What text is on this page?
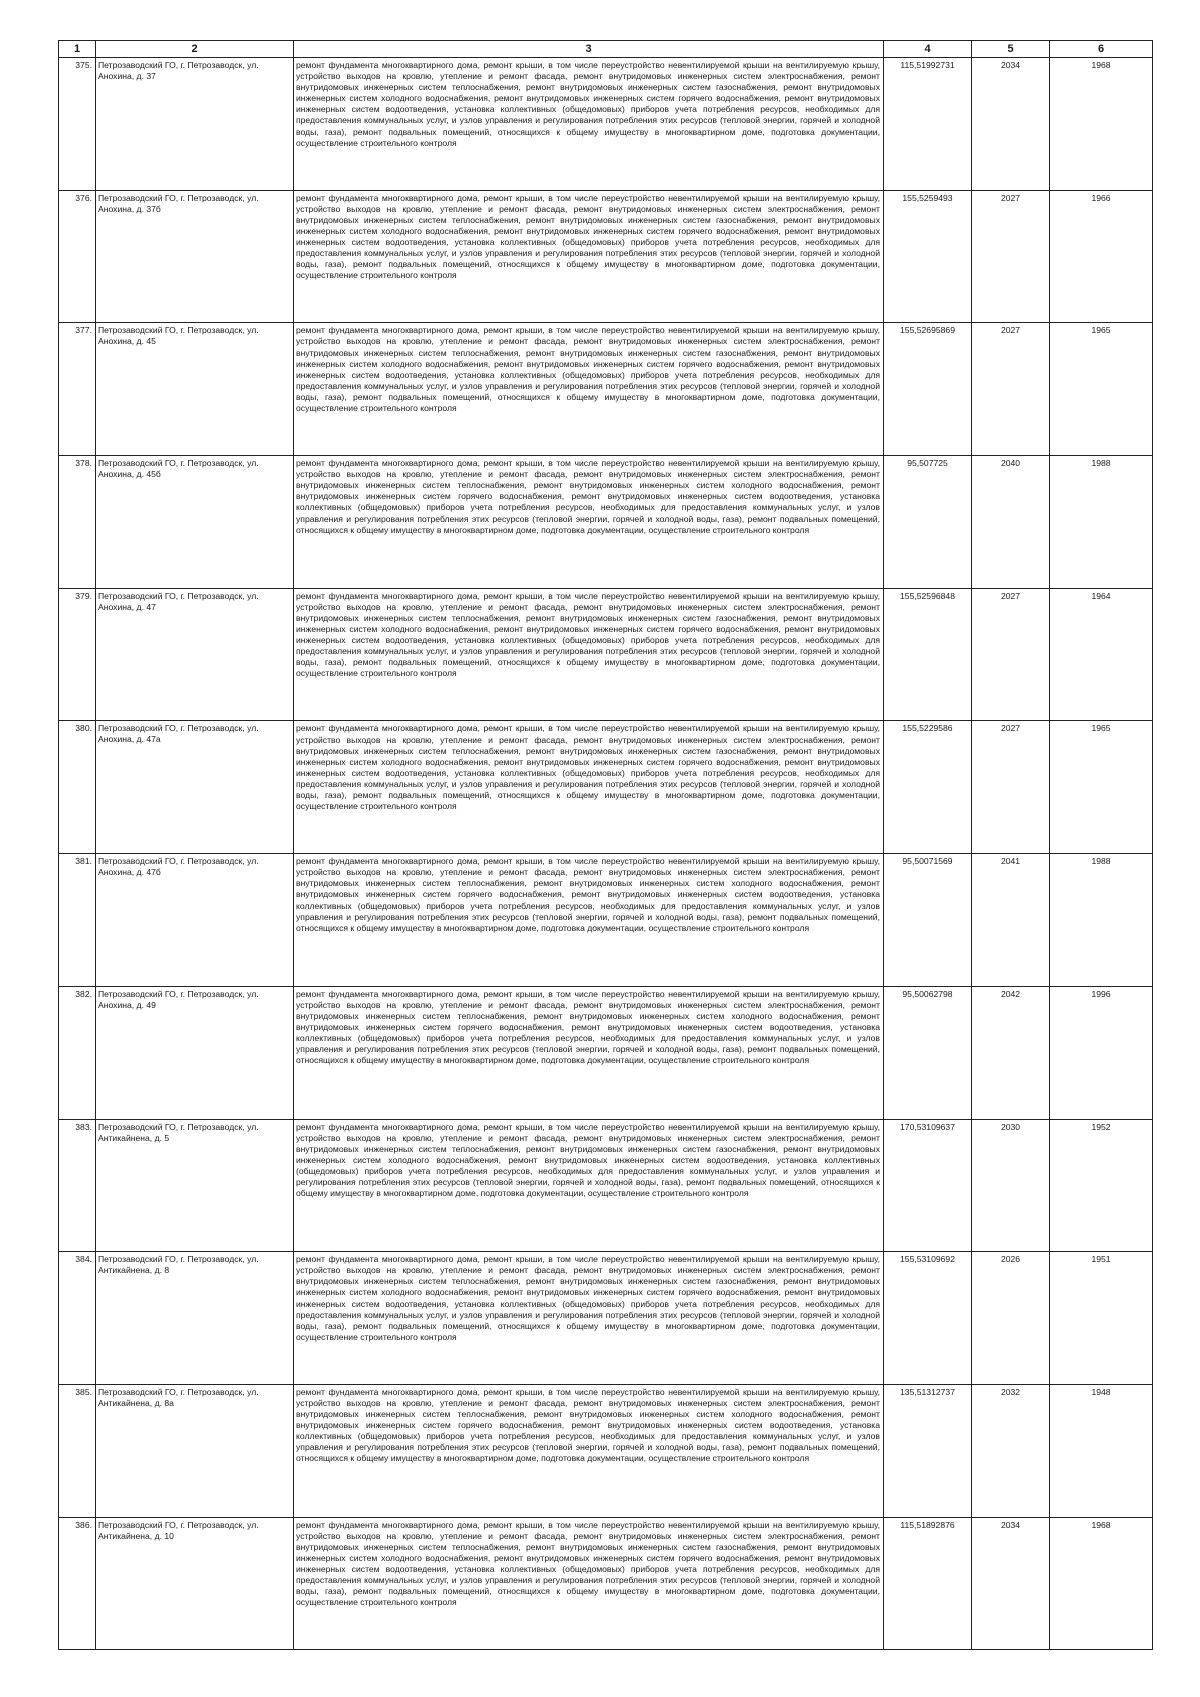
1	2	3	4	5	6
375.	Петрозаводский ГО, г. Петрозаводск, ул. Анохина, д. 37	ремонт фундамента многоквартирного дома, ремонт крыши, в том числе переустройство невентилируемой крыши на вентилируемую крышу, устройство выходов на кровлю, утепление и ремонт фасада, ремонт внутридомовых инженерных систем электроснабжения, ремонт внутридомовых инженерных систем теплоснабжения, ремонт внутридомовых инженерных систем газоснабжения, ремонт внутридомовых инженерных систем холодного водоснабжения, ремонт внутридомовых инженерных систем горячего водоснабжения, ремонт внутридомовых инженерных систем водоотведения, установка коллективных (общедомовых) приборов учета потребления ресурсов, необходимых для предоставления коммунальных услуг, и узлов управления и регулирования потребления этих ресурсов (тепловой энергии, горячей и холодной воды, газа), ремонт подвальных помещений, относящихся к общему имуществу в многоквартирном доме, подготовка документации, осуществление строительного контроля	115,51992731	2034	1968
376.	Петрозаводский ГО, г. Петрозаводск, ул. Анохина, д. 37б	ремонт фундамента многоквартирного дома, ремонт крыши, в том числе переустройство невентилируемой крыши на вентилируемую крышу, устройство выходов на кровлю, утепление и ремонт фасада, ремонт внутридомовых инженерных систем электроснабжения, ремонт внутридомовых инженерных систем теплоснабжения, ремонт внутридомовых инженерных систем газоснабжения, ремонт внутридомовых инженерных систем холодного водоснабжения, ремонт внутридомовых инженерных систем горячего водоснабжения, ремонт внутридомовых инженерных систем водоотведения, установка коллективных (общедомовых) приборов учета потребления ресурсов, необходимых для предоставления коммунальных услуг, и узлов управления и регулирования потребления этих ресурсов (тепловой энергии, горячей и холодной воды, газа), ремонт подвальных помещений, относящихся к общему имуществу в многоквартирном доме, подготовка документации, осуществление строительного контроля	155,5259493	2027	1966
377.	Петрозаводский ГО, г. Петрозаводск, ул. Анохина, д. 45	ремонт фундамента многоквартирного дома, ремонт крыши, в том числе переустройство невентилируемой крыши на вентилируемую крышу, устройство выходов на кровлю, утепление и ремонт фасада, ремонт внутридомовых инженерных систем электроснабжения, ремонт внутридомовых инженерных систем теплоснабжения, ремонт внутридомовых инженерных систем газоснабжения, ремонт внутридомовых инженерных систем холодного водоснабжения, ремонт внутридомовых инженерных систем горячего водоснабжения, ремонт внутридомовых инженерных систем водоотведения, установка коллективных (общедомовых) приборов учета потребления ресурсов, необходимых для предоставления коммунальных услуг, и узлов управления и регулирования потребления этих ресурсов (тепловой энергии, горячей и холодной воды, газа), ремонт подвальных помещений, относящихся к общему имуществу в многоквартирном доме, подготовка документации, осуществление строительного контроля	155,52695869	2027	1965
378.	Петрозаводский ГО, г. Петрозаводск, ул. Анохина, д. 45б	ремонт фундамента многоквартирного дома, ремонт крыши, в том числе переустройство невентилируемой крыши на вентилируемую крышу, устройство выходов на кровлю, утепление и ремонт фасада, ремонт внутридомовых инженерных систем электроснабжения, ремонт внутридомовых инженерных систем теплоснабжения, ремонт внутридомовых инженерных систем холодного водоснабжения, ремонт внутридомовых инженерных систем горячего водоснабжения, ремонт внутридомовых инженерных систем водоотведения, установка коллективных (общедомовых) приборов учета потребления ресурсов, необходимых для предоставления коммунальных услуг, и узлов управления и регулирования потребления этих ресурсов (тепловой энергии, горячей и холодной воды, газа), ремонт подвальных помещений, относящихся к общему имуществу в многоквартирном доме, подготовка документации, осуществление строительного контроля	95,507725	2040	1988
379.	Петрозаводский ГО, г. Петрозаводск, ул. Анохина, д. 47	ремонт фундамента многоквартирного дома, ремонт крыши, в том числе переустройство невентилируемой крыши на вентилируемую крышу, устройство выходов на кровлю, утепление и ремонт фасада, ремонт внутридомовых инженерных систем электроснабжения, ремонт внутридомовых инженерных систем теплоснабжения, ремонт внутридомовых инженерных систем газоснабжения, ремонт внутридомовых инженерных систем холодного водоснабжения, ремонт внутридомовых инженерных систем горячего водоснабжения, ремонт внутридомовых инженерных систем водоотведения, установка коллективных (общедомовых) приборов учета потребления ресурсов, необходимых для предоставления коммунальных услуг, и узлов управления и регулирования потребления этих ресурсов (тепловой энергии, горячей и холодной воды, газа), ремонт подвальных помещений, относящихся к общему имуществу в многоквартирном доме, подготовка документации, осуществление строительного контроля	155,52596848	2027	1964
380.	Петрозаводский ГО, г. Петрозаводск, ул. Анохина, д. 47а	ремонт фундамента многоквартирного дома, ремонт крыши, в том числе переустройство невентилируемой крыши на вентилируемую крышу, устройство выходов на кровлю, утепление и ремонт фасада, ремонт внутридомовых инженерных систем электроснабжения, ремонт внутридомовых инженерных систем теплоснабжения, ремонт внутридомовых инженерных систем газоснабжения, ремонт внутридомовых инженерных систем холодного водоснабжения, ремонт внутридомовых инженерных систем горячего водоснабжения, ремонт внутридомовых инженерных систем водоотведения, установка коллективных (общедомовых) приборов учета потребления ресурсов, необходимых для предоставления коммунальных услуг, и узлов управления и регулирования потребления этих ресурсов (тепловой энергии, горячей и холодной воды, газа), ремонт подвальных помещений, относящихся к общему имуществу в многоквартирном доме, подготовка документации, осуществление строительного контроля	155,5229586	2027	1965
381.	Петрозаводский ГО, г. Петрозаводск, ул. Анохина, д. 47б	ремонт фундамента многоквартирного дома, ремонт крыши, в том числе переустройство невентилируемой крыши на вентилируемую крышу, устройство выходов на кровлю, утепление и ремонт фасада, ремонт внутридомовых инженерных систем электроснабжения, ремонт внутридомовых инженерных систем теплоснабжения, ремонт внутридомовых инженерных систем холодного водоснабжения, ремонт внутридомовых инженерных систем горячего водоснабжения, ремонт внутридомовых инженерных систем водоотведения, установка коллективных (общедомовых) приборов учета потребления ресурсов, необходимых для предоставления коммунальных услуг, и узлов управления и регулирования потребления этих ресурсов (тепловой энергии, горячей и холодной воды, газа), ремонт подвальных помещений, относящихся к общему имуществу в многоквартирном доме, подготовка документации, осуществление строительного контроля	95,50071569	2041	1988
382.	Петрозаводский ГО, г. Петрозаводск, ул. Анохина, д. 49	ремонт фундамента многоквартирного дома, ремонт крыши, в том числе переустройство невентилируемой крыши на вентилируемую крышу, устройство выходов на кровлю, утепление и ремонт фасада, ремонт внутридомовых инженерных систем электроснабжения, ремонт внутридомовых инженерных систем теплоснабжения, ремонт внутридомовых инженерных систем холодного водоснабжения, ремонт внутридомовых инженерных систем горячего водоснабжения, ремонт внутридомовых инженерных систем водоотведения, установка коллективных (общедомовых) приборов учета потребления ресурсов, необходимых для предоставления коммунальных услуг, и узлов управления и регулирования потребления этих ресурсов (тепловой энергии, горячей и холодной воды, газа), ремонт подвальных помещений, относящихся к общему имуществу в многоквартирном доме, подготовка документации, осуществление строительного контроля	95,50062798	2042	1996
383.	Петрозаводский ГО, г. Петрозаводск, ул. Антикайнена, д. 5	ремонт фундамента многоквартирного дома, ремонт крыши, в том числе переустройство невентилируемой крыши на вентилируемую крышу, устройство выходов на кровлю, утепление и ремонт фасада, ремонт внутридомовых инженерных систем электроснабжения, ремонт внутридомовых инженерных систем теплоснабжения, ремонт внутридомовых инженерных систем газоснабжения, ремонт внутридомовых инженерных систем холодного водоснабжения, ремонт внутридомовых инженерных систем водоотведения, установка коллективных (общедомовых) приборов учета потребления ресурсов, необходимых для предоставления коммунальных услуг, и узлов управления и регулирования потребления этих ресурсов (тепловой энергии, горячей и холодной воды, газа), ремонт подвальных помещений, относящихся к общему имуществу в многоквартирном доме, подготовка документации, осуществление строительного контроля	170,53109637	2030	1952
384.	Петрозаводский ГО, г. Петрозаводск, ул. Антикайнена, д. 8	ремонт фундамента многоквартирного дома, ремонт крыши, в том числе переустройство невентилируемой крыши на вентилируемую крышу, устройство выходов на кровлю, утепление и ремонт фасада, ремонт внутридомовых инженерных систем электроснабжения, ремонт внутридомовых инженерных систем теплоснабжения, ремонт внутридомовых инженерных систем газоснабжения, ремонт внутридомовых инженерных систем холодного водоснабжения, ремонт внутридомовых инженерных систем горячего водоснабжения, ремонт внутридомовых инженерных систем водоотведения, установка коллективных (общедомовых) приборов учета потребления ресурсов, необходимых для предоставления коммунальных услуг, и узлов управления и регулирования потребления этих ресурсов (тепловой энергии, горячей и холодной воды, газа), ремонт подвальных помещений, относящихся к общему имуществу в многоквартирном доме, подготовка документации, осуществление строительного контроля	155,53109692	2026	1951
385.	Петрозаводский ГО, г. Петрозаводск, ул. Антикайнена, д. 8а	ремонт фундамента многоквартирного дома, ремонт крыши, в том числе переустройство невентилируемой крыши на вентилируемую крышу, устройство выходов на кровлю, утепление и ремонт фасада, ремонт внутридомовых инженерных систем электроснабжения, ремонт внутридомовых инженерных систем теплоснабжения, ремонт внутридомовых инженерных систем холодного водоснабжения, ремонт внутридомовых инженерных систем горячего водоснабжения, ремонт внутридомовых инженерных систем водоотведения, установка коллективных (общедомовых) приборов учета потребления ресурсов, необходимых для предоставления коммунальных услуг, и узлов управления и регулирования потребления этих ресурсов (тепловой энергии, горячей и холодной воды, газа), ремонт подвальных помещений, относящихся к общему имуществу в многоквартирном доме, подготовка документации, осуществление строительного контроля	135,51312737	2032	1948
386.	Петрозаводский ГО, г. Петрозаводск, ул. Антикайнена, д. 10	ремонт фундамента многоквартирного дома, ремонт крыши, в том числе переустройство невентилируемой крыши на вентилируемую крышу, устройство выходов на кровлю, утепление и ремонт фасада, ремонт внутридомовых инженерных систем электроснабжения, ремонт внутридомовых инженерных систем теплоснабжения, ремонт внутридомовых инженерных систем газоснабжения, ремонт внутридомовых инженерных систем холодного водоснабжения, ремонт внутридомовых инженерных систем горячего водоснабжения, ремонт внутридомовых инженерных систем водоотведения, установка коллективных (общедомовых) приборов учета потребления ресурсов, необходимых для предоставления коммунальных услуг, и узлов управления и регулирования потребления этих ресурсов (тепловой энергии, горячей и холодной воды, газа), ремонт подвальных помещений, относящихся к общему имуществу в многоквартирном доме, подготовка документации, осуществление строительного контроля	115,51892876	2034	1968
